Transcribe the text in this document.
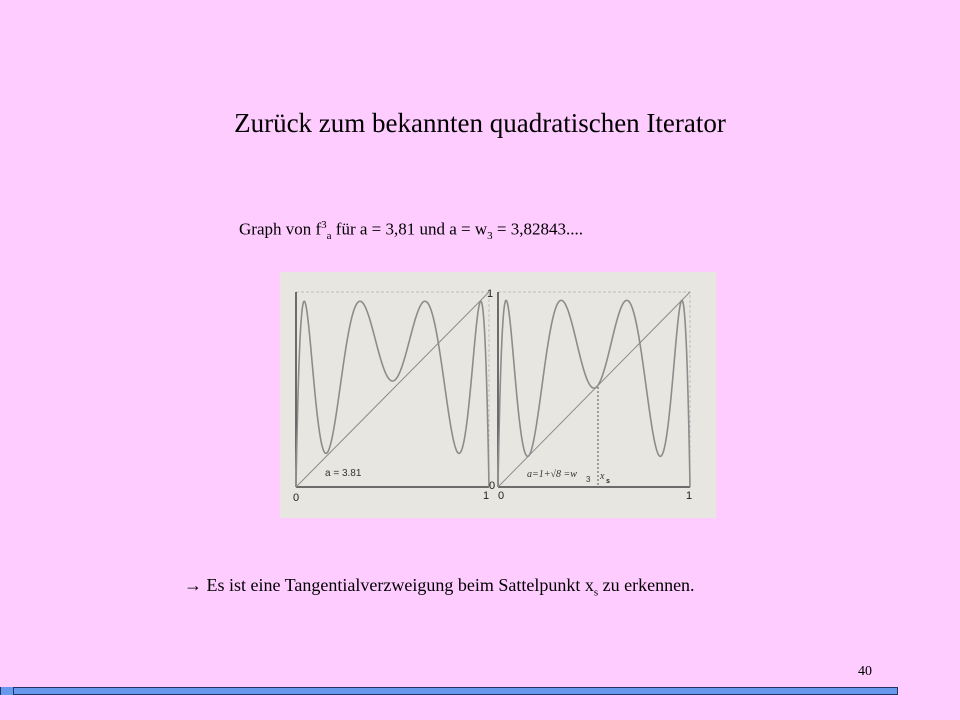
Zurück zum bekannten quadratischen Iterator
Graph von $f^3_a$ für a = 3,81 und $a = w_3 = 3,82843$....
a = 3.81
0	1
1
0
0	1
a=1+√8 =w 3 x s
→ Es ist eine Tangentialverzweigung beim Sattelpunkt $x_s$ zu erkennen.
40
